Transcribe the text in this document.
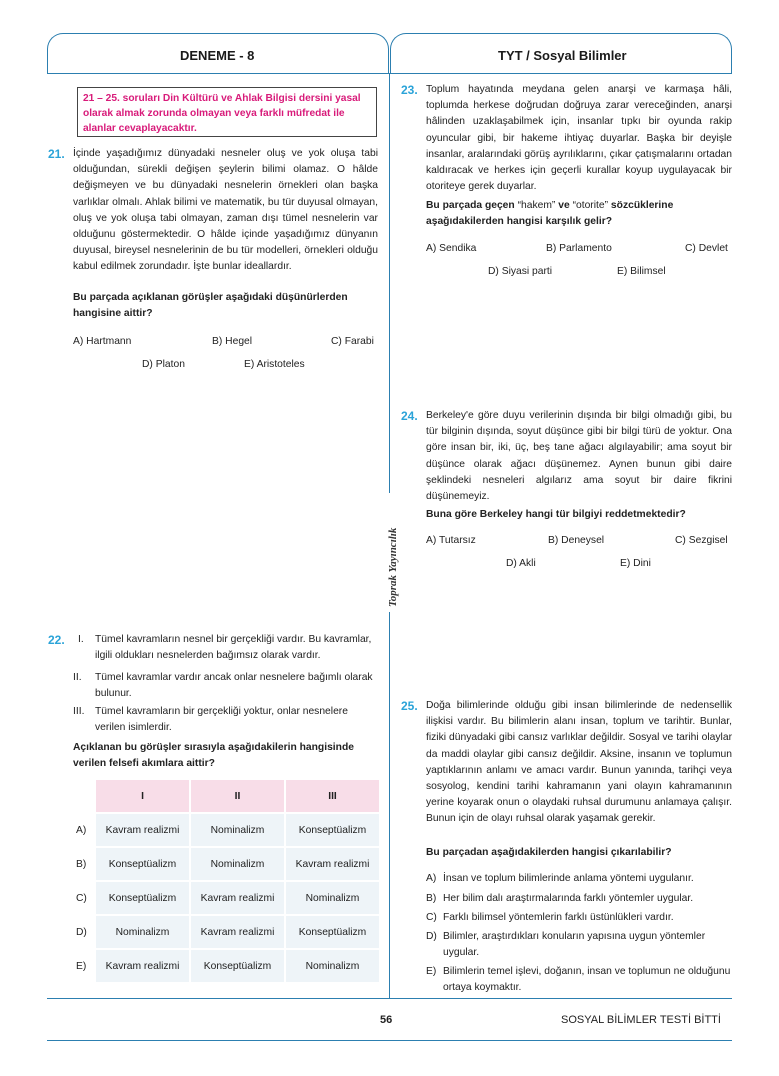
DENEME - 8	TYT / Sosyal Bilimler
Toprak Yayıncılık
21 – 25. soruları Din Kültürü ve Ahlak Bilgisi dersini yasal olarak almak zorunda olmayan veya farklı müfredat ile alanlar cevaplayacaktır.
21. İçinde yaşadığımız dünyadaki nesneler oluş ve yok oluşa tabi olduğundan, sürekli değişen şeylerin bilimi olamaz. O hâlde değişmeyen ve bu dünyadaki nesnelerin örnekleri olan başka varlıklar olmalı. Ahlak bilimi ve matematik, bu tür duyusal olmayan, oluş ve yok oluşa tabi olmayan, zaman dışı tümel nesnelerin var olduğunu göstermektedir. O hâlde içinde yaşadığımız dünyanın duyusal, bireysel nesnelerinin de bu tür modelleri, örnekleri olduğu kabul edilmek zorundadır. İşte bunlar ideallardır.
Bu parçada açıklanan görüşler aşağıdaki düşünürlerden hangisine aittir?
A) Hartmann	B) Hegel	C) Farabi
D) Platon	E) Aristoteles
22. I. Tümel kavramların nesnel bir gerçekliği vardır. Bu kavramlar, ilgili oldukları nesnelerden bağımsız olarak vardır.
II. Tümel kavramlar vardır ancak onlar nesnelere bağımlı olarak bulunur.
III. Tümel kavramların bir gerçekliği yoktur, onlar nesnelere verilen isimlerdir.
Açıklanan bu görüşler sırasıyla aşağıdakilerin hangisinde verilen felsefi akımlara aittir?
	I	II	III
A)	Kavram realizmi	Nominalizm	Konseptüalizm
B)	Konseptüalizm	Nominalizm	Kavram realizmi
C)	Konseptüalizm	Kavram realizmi	Nominalizm
D)	Nominalizm	Kavram realizmi	Konseptüalizm
E)	Kavram realizmi	Konseptüalizm	Nominalizm
23. Toplum hayatında meydana gelen anarşi ve karmaşa hâli, toplumda herkese doğrudan doğruya zarar vereceğinden, anarşi hâlinden uzaklaşabilmek için, insanlar tıpkı bir oyunda rakip oyuncular gibi, bir hakeme ihtiyaç duyarlar. Başka bir deyişle insanlar, aralarındaki görüş ayrılıklarını, çıkar çatışmalarını ortadan kaldıracak ve herkes için geçerli kurallar koyup uygulayacak bir otoriteye gerek duyarlar.
Bu parçada geçen “hakem” ve “otorite” sözcüklerine aşağıdakilerden hangisi karşılık gelir?
A) Sendika	B) Parlamento	C) Devlet
D) Siyasi parti	E) Bilimsel
24. Berkeley'e göre duyu verilerinin dışında bir bilgi olmadığı gibi, bu tür bilginin dışında, soyut düşünce gibi bir bilgi türü de yoktur. Ona göre insan bir, iki, üç, beş tane ağacı algılayabilir; ama soyut bir düşünce olarak ağacı düşünemez. Aynen bunun gibi daire şeklindeki nesneleri algılarız ama soyut bir daire fikrini düşünemeyiz.
Buna göre Berkeley hangi tür bilgiyi reddetmektedir?
A) Tutarsız	B) Deneysel	C) Sezgisel
D) Akli	E) Dini
25. Doğa bilimlerinde olduğu gibi insan bilimlerinde de nedensellik ilişkisi vardır. Bu bilimlerin alanı insan, toplum ve tarihtir. Bunlar, fiziki dünyadaki gibi cansız varlıklar değildir. Sosyal ve tarihi olaylar da maddi olaylar gibi cansız değildir. Aksine, insanın ve toplumun yaptıklarının anlamı ve amacı vardır. Bunun yanında, tarihçi veya sosyolog, kendini tarihi kahramanın yani olayın kahramanının yerine koyarak onun o olaydaki ruhsal durumunu anlamaya çalışır. Bunun için de olayı ruhsal olarak yaşamak gerekir.
Bu parçadan aşağıdakilerden hangisi çıkarılabilir?
A) İnsan ve toplum bilimlerinde anlama yöntemi uygulanır.
B) Her bilim dalı araştırmalarında farklı yöntemler uygular.
C) Farklı bilimsel yöntemlerin farklı üstünlükleri vardır.
D) Bilimler, araştırdıkları konuların yapısına uygun yöntemler uygular.
E) Bilimlerin temel işlevi, doğanın, insan ve toplumun ne olduğunu ortaya koymaktır.
56	SOSYAL BİLİMLER TESTİ BİTTİ
